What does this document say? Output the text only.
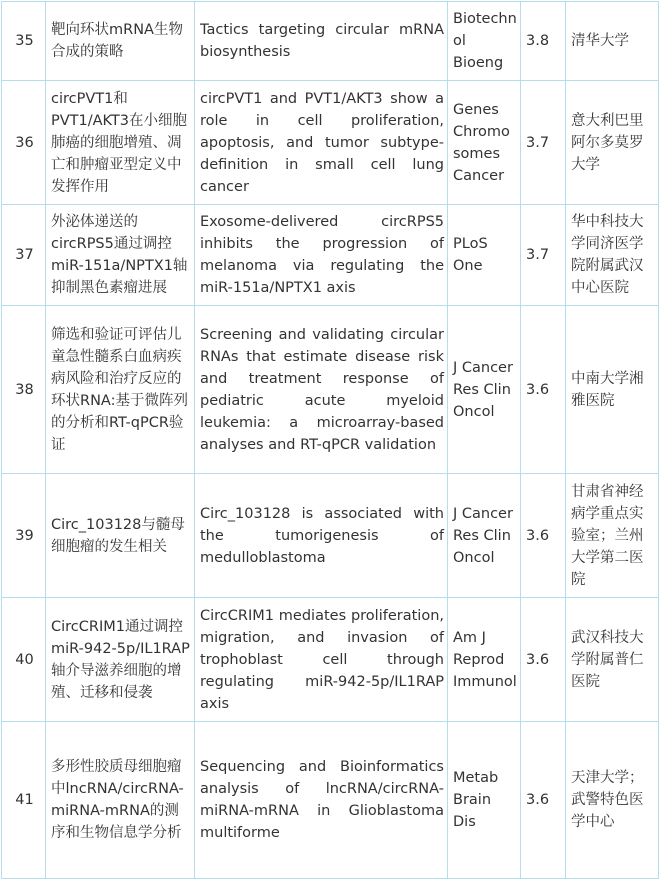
35	靶向环状mRNA生物合成的策略	Tactics targeting circular mRNA biosynthesis	Biotechnol Bioeng	3.8	清华大学
36	circPVT1和PVT1/AKT3在小细胞肺癌的细胞增殖、凋亡和肿瘤亚型定义中发挥作用	circPVT1 and PVT1/AKT3 show a role in cell proliferation, apoptosis, and tumor subtype-definition in small cell lung cancer	Genes Chromosomes Cancer	3.7	意大利巴里阿尔多莫罗大学
37	外泌体递送的circRPS5通过调控miR-151a/NPTX1轴抑制黑色素瘤进展	Exosome-delivered circRPS5 inhibits the progression of melanoma via regulating the miR-151a/NPTX1 axis	PLoS One	3.7	华中科技大学同济医学院附属武汉中心医院
38	筛选和验证可评估儿童急性髓系白血病疾病风险和治疗反应的环状RNA:基于微阵列的分析和RT-qPCR验证	Screening and validating circular RNAs that estimate disease risk and treatment response of pediatric acute myeloid leukemia: a microarray-based analyses and RT-qPCR validation	J Cancer Res Clin Oncol	3.6	中南大学湘雅医院
39	Circ_103128与髓母细胞瘤的发生相关	Circ_103128 is associated with the tumorigenesis of medulloblastoma	J Cancer Res Clin Oncol	3.6	甘肃省神经病学重点实验室；兰州大学第二医院
40	CircCRIM1通过调控miR-942-5p/IL1RAP轴介导滋养细胞的增殖、迁移和侵袭	CircCRIM1 mediates proliferation, migration, and invasion of trophoblast cell through regulating miR-942-5p/IL1RAP axis	Am J Reprod Immunol	3.6	武汉科技大学附属普仁医院
41	多形性胶质母细胞瘤中lncRNA/circRNA-miRNA-mRNA的测序和生物信息学分析	Sequencing and Bioinformatics analysis of lncRNA/circRNA-miRNA-mRNA in Glioblastoma multiforme	Metab Brain Dis	3.6	天津大学；武警特色医学中心
